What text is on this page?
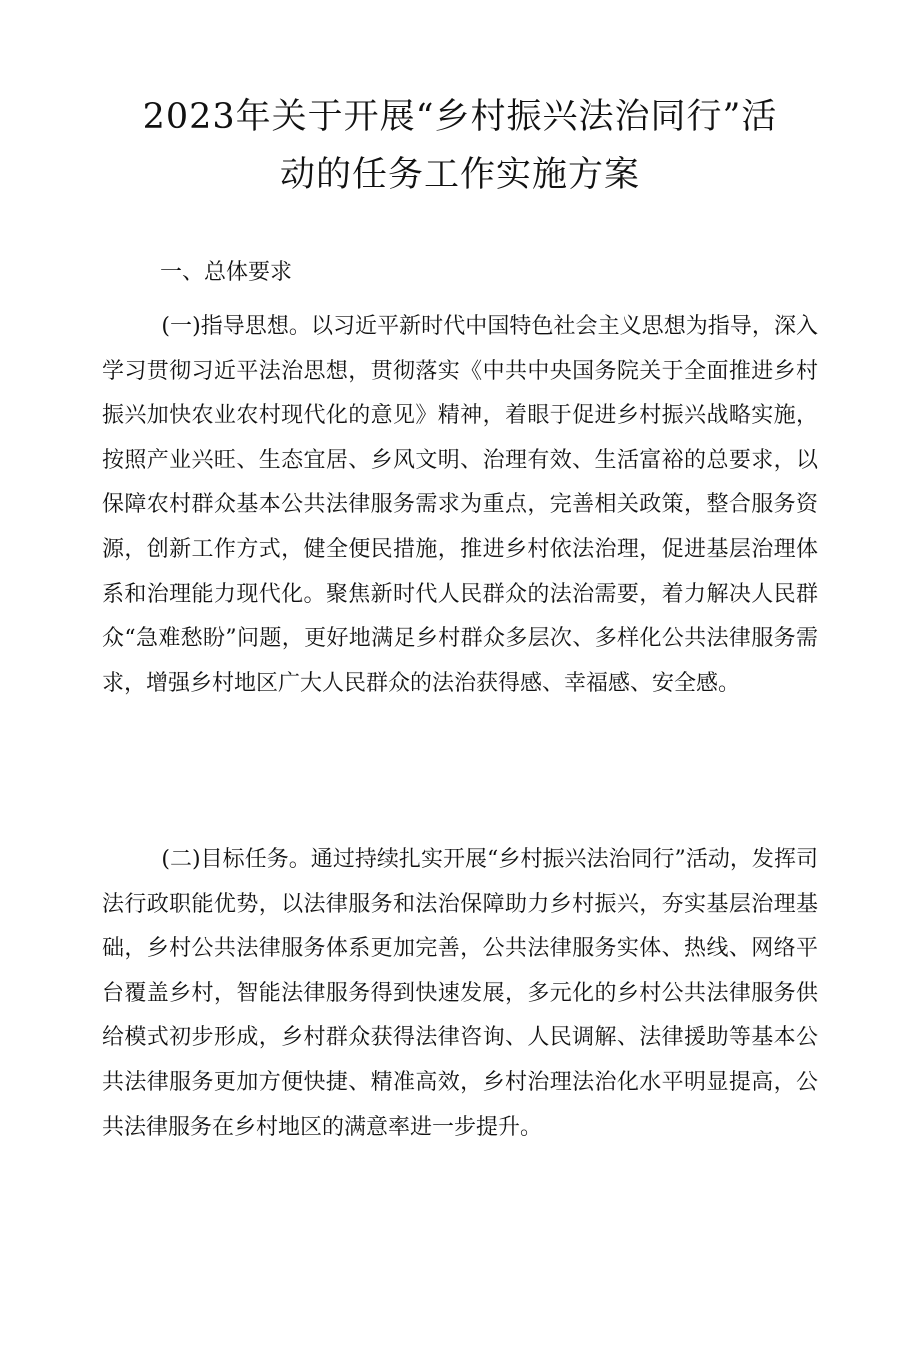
2023年关于开展“乡村振兴法治同行”活
动的任务工作实施方案
一、总体要求

(一)指导思想。以习近平新时代中国特色社会主义思想为指导，深入学习贯彻习近平法治思想，贯彻落实《中共中央国务院关于全面推进乡村振兴加快农业农村现代化的意见》精神，着眼于促进乡村振兴战略实施，按照产业兴旺、生态宜居、乡风文明、治理有效、生活富裕的总要求，以保障农村群众基本公共法律服务需求为重点，完善相关政策，整合服务资源，创新工作方式，健全便民措施，推进乡村依法治理，促进基层治理体系和治理能力现代化。聚焦新时代人民群众的法治需要，着力解决人民群众“急难愁盼”问题，更好地满足乡村群众多层次、多样化公共法律服务需求，增强乡村地区广大人民群众的法治获得感、幸福感、安全感。

(二)目标任务。通过持续扎实开展“乡村振兴法治同行”活动，发挥司法行政职能优势，以法律服务和法治保障助力乡村振兴，夯实基层治理基础，乡村公共法律服务体系更加完善，公共法律服务实体、热线、网络平台覆盖乡村，智能法律服务得到快速发展，多元化的乡村公共法律服务供给模式初步形成，乡村群众获得法律咨询、人民调解、法律援助等基本公共法律服务更加方便快捷、精准高效，乡村治理法治化水平明显提高，公共法律服务在乡村地区的满意率进一步提升。
